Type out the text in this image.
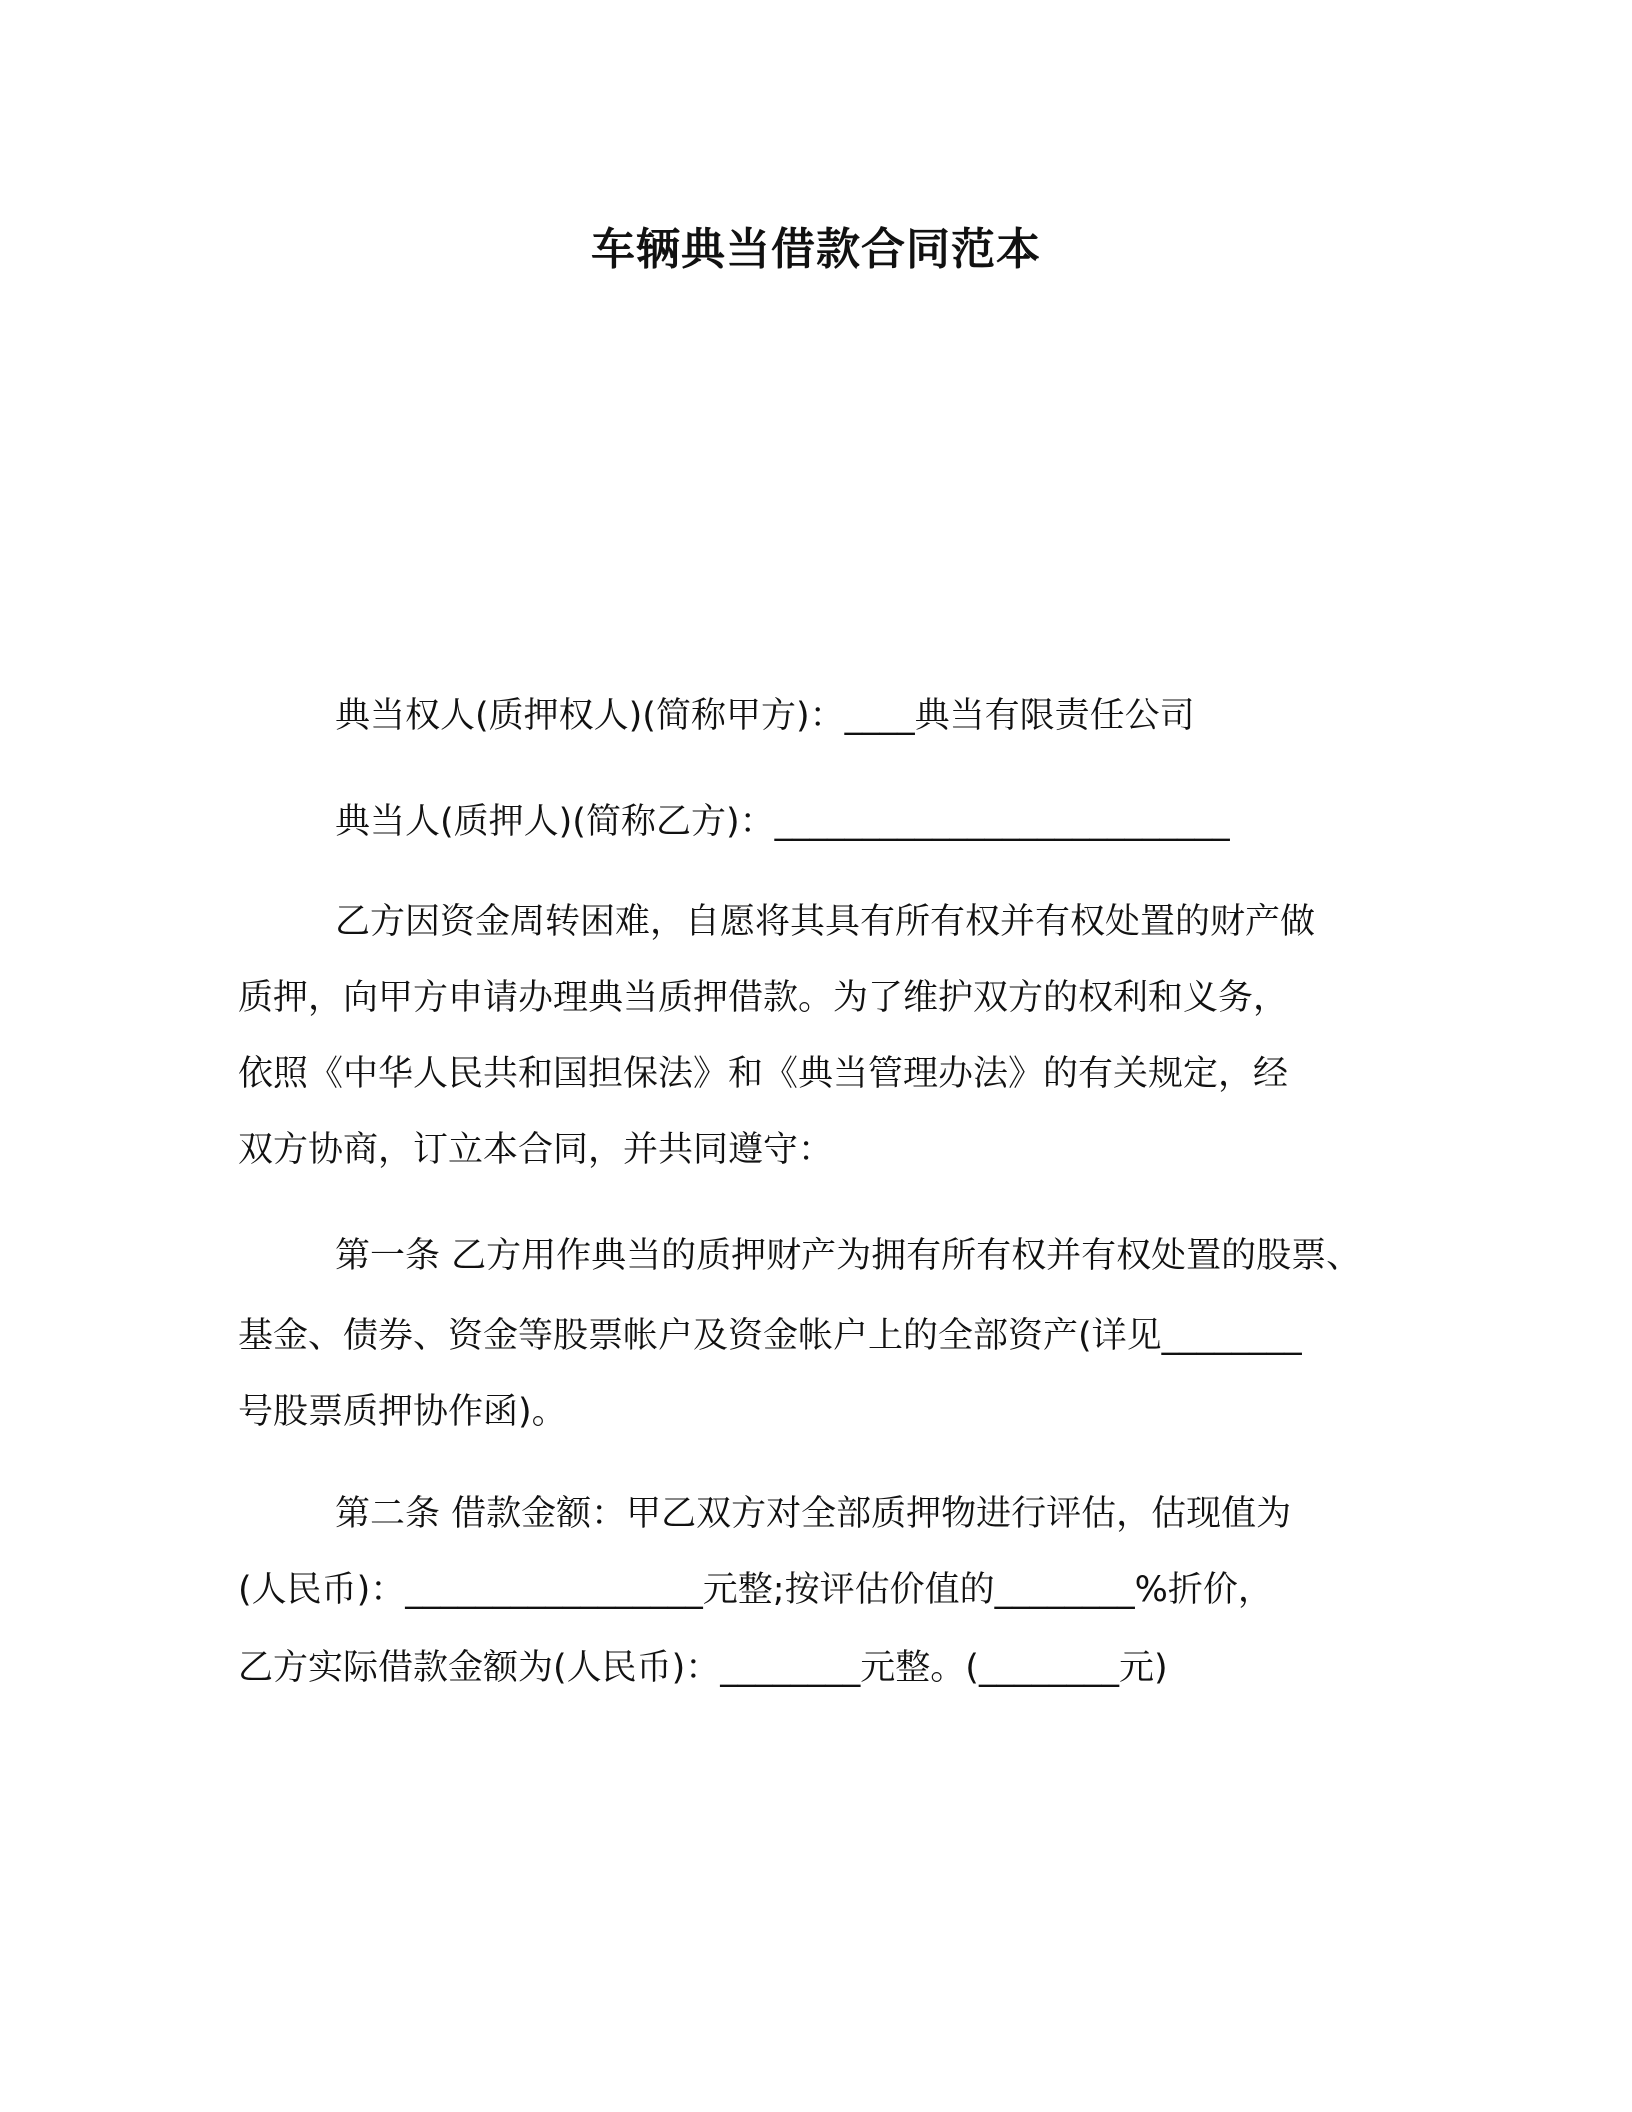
车辆典当借款合同范本
典当权人(质押权人)(简称甲方)：____典当有限责任公司
典当人(质押人)(简称乙方)：__________________________
乙方因资金周转困难，自愿将其具有所有权并有权处置的财产做
质押，向甲方申请办理典当质押借款。为了维护双方的权利和义务，
依照《中华人民共和国担保法》和《典当管理办法》的有关规定，经
双方协商，订立本合同，并共同遵守：
第一条 乙方用作典当的质押财产为拥有所有权并有权处置的股票、
基金、债券、资金等股票帐户及资金帐户上的全部资产(详见________
号股票质押协作函)。
第二条 借款金额：甲乙双方对全部质押物进行评估，估现值为
(人民币)：_________________元整;按评估价值的________%折价，
乙方实际借款金额为(人民币)：________元整。(________元)
